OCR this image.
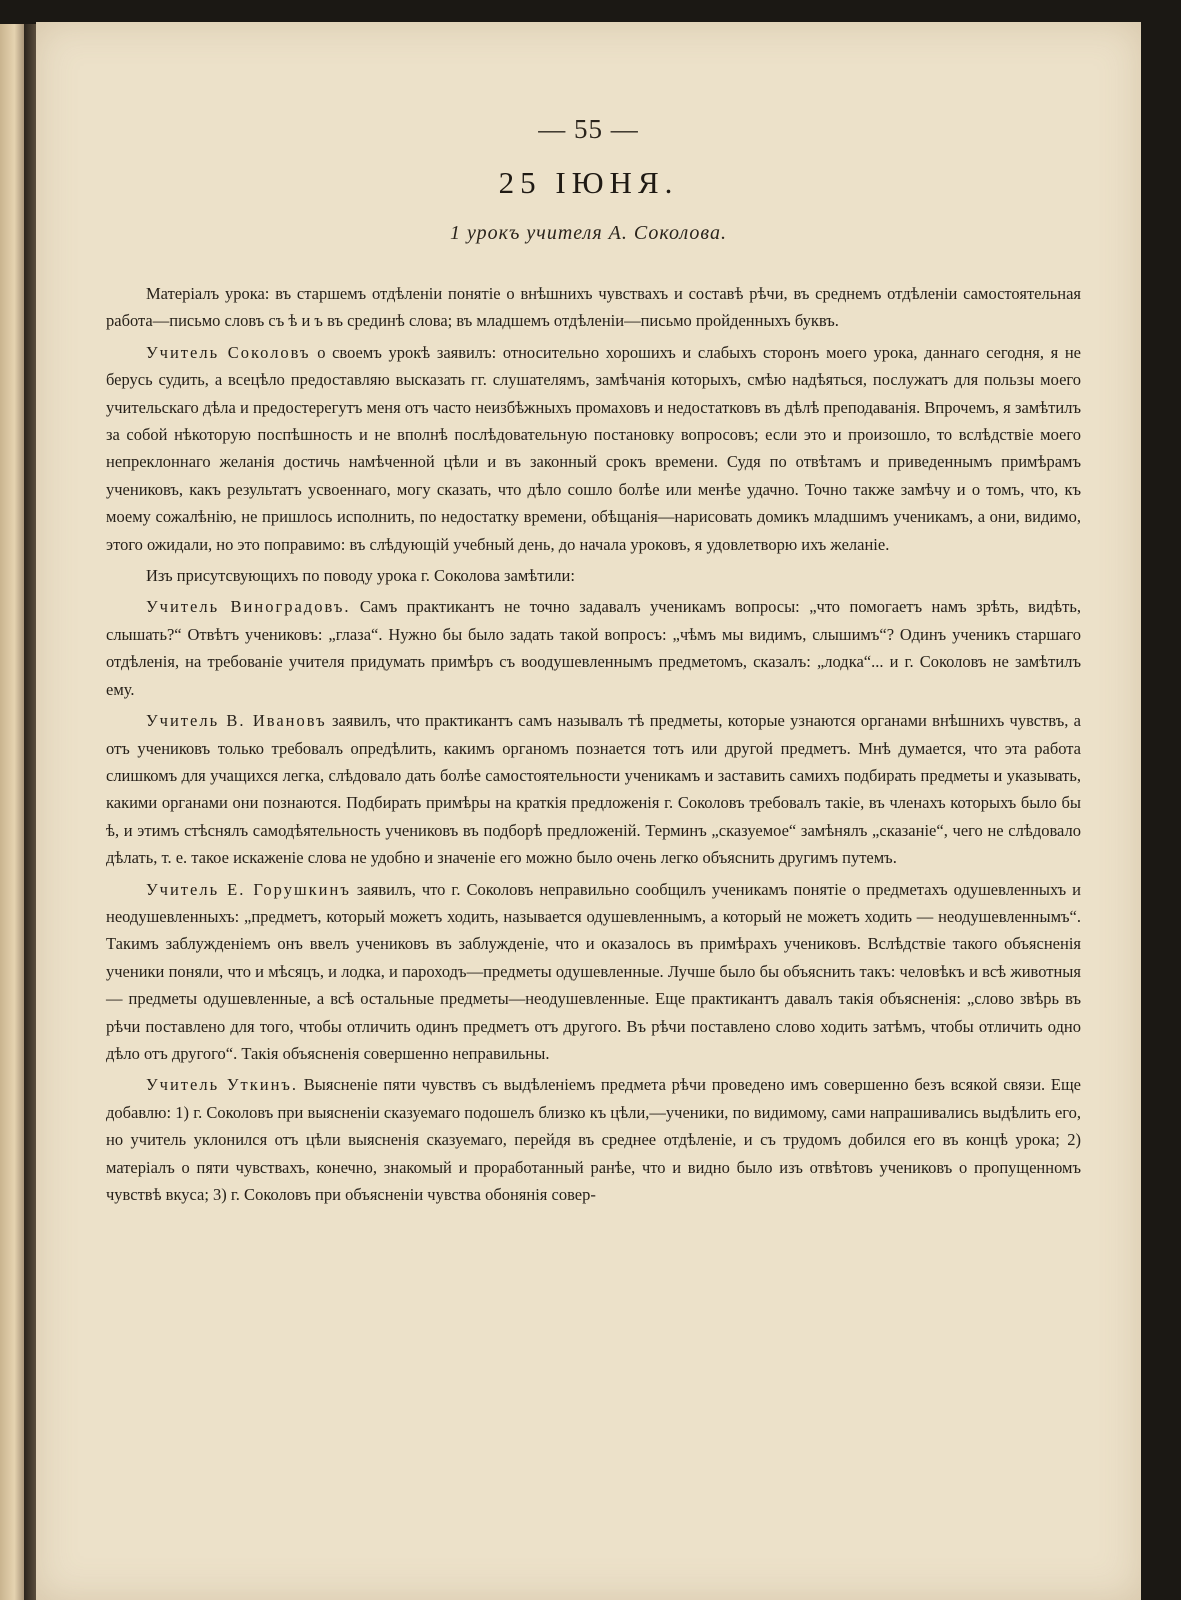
— 55 —
25 ІЮНЯ.
1 урокъ учителя А. Соколова.

Матеріалъ урока: въ старшемъ отдѣленіи понятіе о внѣшнихъ чувствахъ и составѣ рѣчи, въ среднемъ отдѣленіи самостоятельная работа—письмо словъ съ ѣ и ъ въ срединѣ слова; въ младшемъ отдѣленіи—письмо пройденныхъ буквъ.

Учитель Соколовъ о своемъ урокѣ заявилъ: относительно хорошихъ и слабыхъ сторонъ моего урока, даннаго сегодня, я не берусь судить, а всецѣло предоставляю высказать гг. слушателямъ, замѣчанія которыхъ, смѣю надѣяться, послужатъ для пользы моего учительскаго дѣла и предостерегутъ меня отъ часто неизбѣжныхъ промаховъ и недостатковъ въ дѣлѣ преподаванія. Впрочемъ, я замѣтилъ за собой нѣкоторую поспѣшность и не вполнѣ послѣдовательную постановку вопросовъ; если это и произошло, то вслѣдствіе моего непреклоннаго желанія достичь намѣченной цѣли и въ законный срокъ времени. Судя по отвѣтамъ и приведеннымъ примѣрамъ учениковъ, какъ результатъ усвоеннаго, могу сказать, что дѣло сошло болѣе или менѣе удачно. Точно также замѣчу и о томъ, что, къ моему сожалѣнію, не пришлось исполнить, по недостатку времени, обѣщанія—нарисовать домикъ младшимъ ученикамъ, а они, видимо, этого ожидали, но это поправимо: въ слѣдующій учебный день, до начала уроковъ, я удовлетворю ихъ желаніе.

Изъ присутсвующихъ по поводу урока г. Соколова замѣтили:

Учитель Виноградовъ. Самъ практикантъ не точно задавалъ ученикамъ вопросы: „что помогаетъ намъ зрѣть, видѣть, слышать?“ Отвѣтъ учениковъ: „глаза“. Нужно бы было задать такой вопросъ: „чѣмъ мы видимъ, слышимъ“? Одинъ ученикъ старшаго отдѣленія, на требованіе учителя придумать примѣръ съ воодушевленнымъ предметомъ, сказалъ: „лодка“... и г. Соколовъ не замѣтилъ ему.

Учитель В. Ивановъ заявилъ, что практикантъ самъ называлъ тѣ предметы, которые узнаются органами внѣшнихъ чувствъ, а отъ учениковъ только требовалъ опредѣлить, какимъ органомъ познается тотъ или другой предметъ. Мнѣ думается, что эта работа слишкомъ для учащихся легка, слѣдовало дать болѣе самостоятельности ученикамъ и заставить самихъ подбирать предметы и указывать, какими органами они познаются. Подбирать примѣры на краткія предложенія г. Соколовъ требовалъ такіе, въ членахъ которыхъ было бы ѣ, и этимъ стѣснялъ самодѣятельность учениковъ въ подборѣ предложеній. Терминъ „сказуемое“ замѣнялъ „сказаніе“, чего не слѣдовало дѣлать, т. е. такое искаженіе слова не удобно и значеніе его можно было очень легко объяснить другимъ путемъ.

Учитель Е. Горушкинъ заявилъ, что г. Соколовъ неправильно сообщилъ ученикамъ понятіе о предметахъ одушевленныхъ и неодушевленныхъ: „предметъ, который можетъ ходить, называется одушевленнымъ, а который не можетъ ходить — неодушевленнымъ“. Такимъ заблужденіемъ онъ ввелъ учениковъ въ заблужденіе, что и оказалось въ примѣрахъ учениковъ. Вслѣдствіе такого объясненія ученики поняли, что и мѣсяцъ, и лодка, и пароходъ—предметы одушевленные. Лучше было бы объяснить такъ: человѣкъ и всѣ животныя — предметы одушевленные, а всѣ остальные предметы—неодушевленные. Еще практикантъ давалъ такія объясненія: „слово звѣрь въ рѣчи поставлено для того, чтобы отличить одинъ предметъ отъ другого. Въ рѣчи поставлено слово ходить затѣмъ, чтобы отличить одно дѣло отъ другого“. Такія объясненія совершенно неправильны.

Учитель Уткинъ. Выясненіе пяти чувствъ съ выдѣленіемъ предмета рѣчи проведено имъ совершенно безъ всякой связи. Еще добавлю: 1) г. Соколовъ при выясненіи сказуемаго подошелъ близко къ цѣли,—ученики, по видимому, сами напрашивались выдѣлить его, но учитель уклонился отъ цѣли выясненія сказуемаго, перейдя въ среднее отдѣленіе, и съ трудомъ добился его въ концѣ урока; 2) матеріалъ о пяти чувствахъ, конечно, знакомый и проработанный ранѣе, что и видно было изъ отвѣтовъ учениковъ о пропущенномъ чувствѣ вкуса; 3) г. Соколовъ при объясненіи чувства обонянія совер-
